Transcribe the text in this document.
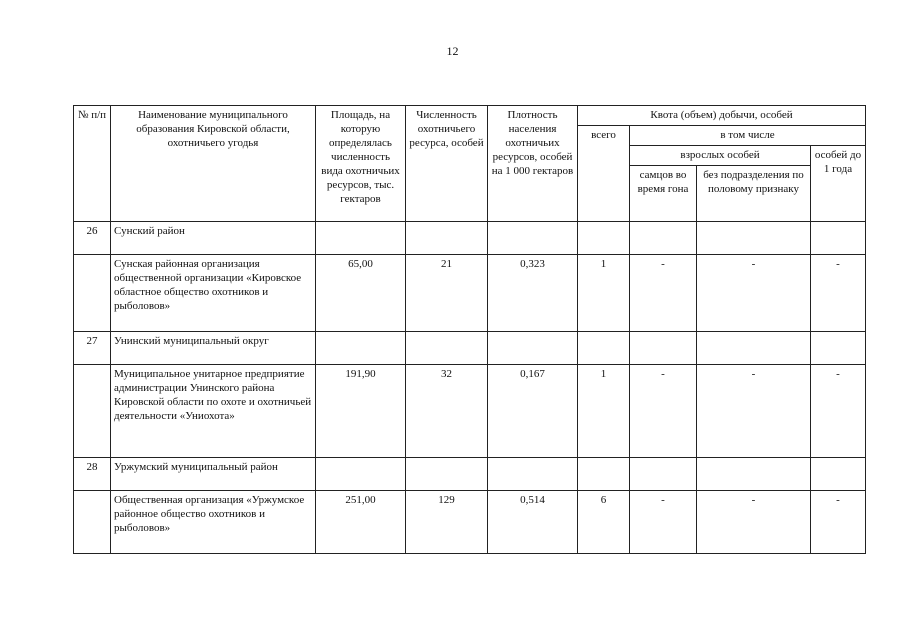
12
№ п/п	Наименование муниципального образования Кировской области, охотничьего угодья	Площадь, на которую определялась численность вида охотничьих ресурсов, тыс. гектаров	Численность охотничьего ресурса, особей	Плотность населения охотничьих ресурсов, особей на 1 000 гектаров	Квота (объем) добычи, особей			
					всего	в том числе		
						взрослых особей		особей до 1 года
						самцов во время гона	без подразделения по половому признаку	
26	Сунский район							
	Сунская районная организация общественной организации «Кировское областное общество охотников и рыболовов»	65,00	21	0,323	1	-	-	-
27	Унинский муниципальный округ							
	Муниципальное унитарное предприятие администрации Унинского района Кировской области по охоте и охотничьей деятельности «Униохота»	191,90	32	0,167	1	-	-	-
28	Уржумский муниципальный район							
	Общественная организация «Уржумское районное общество охотников и рыболовов»	251,00	129	0,514	6	-	-	-
